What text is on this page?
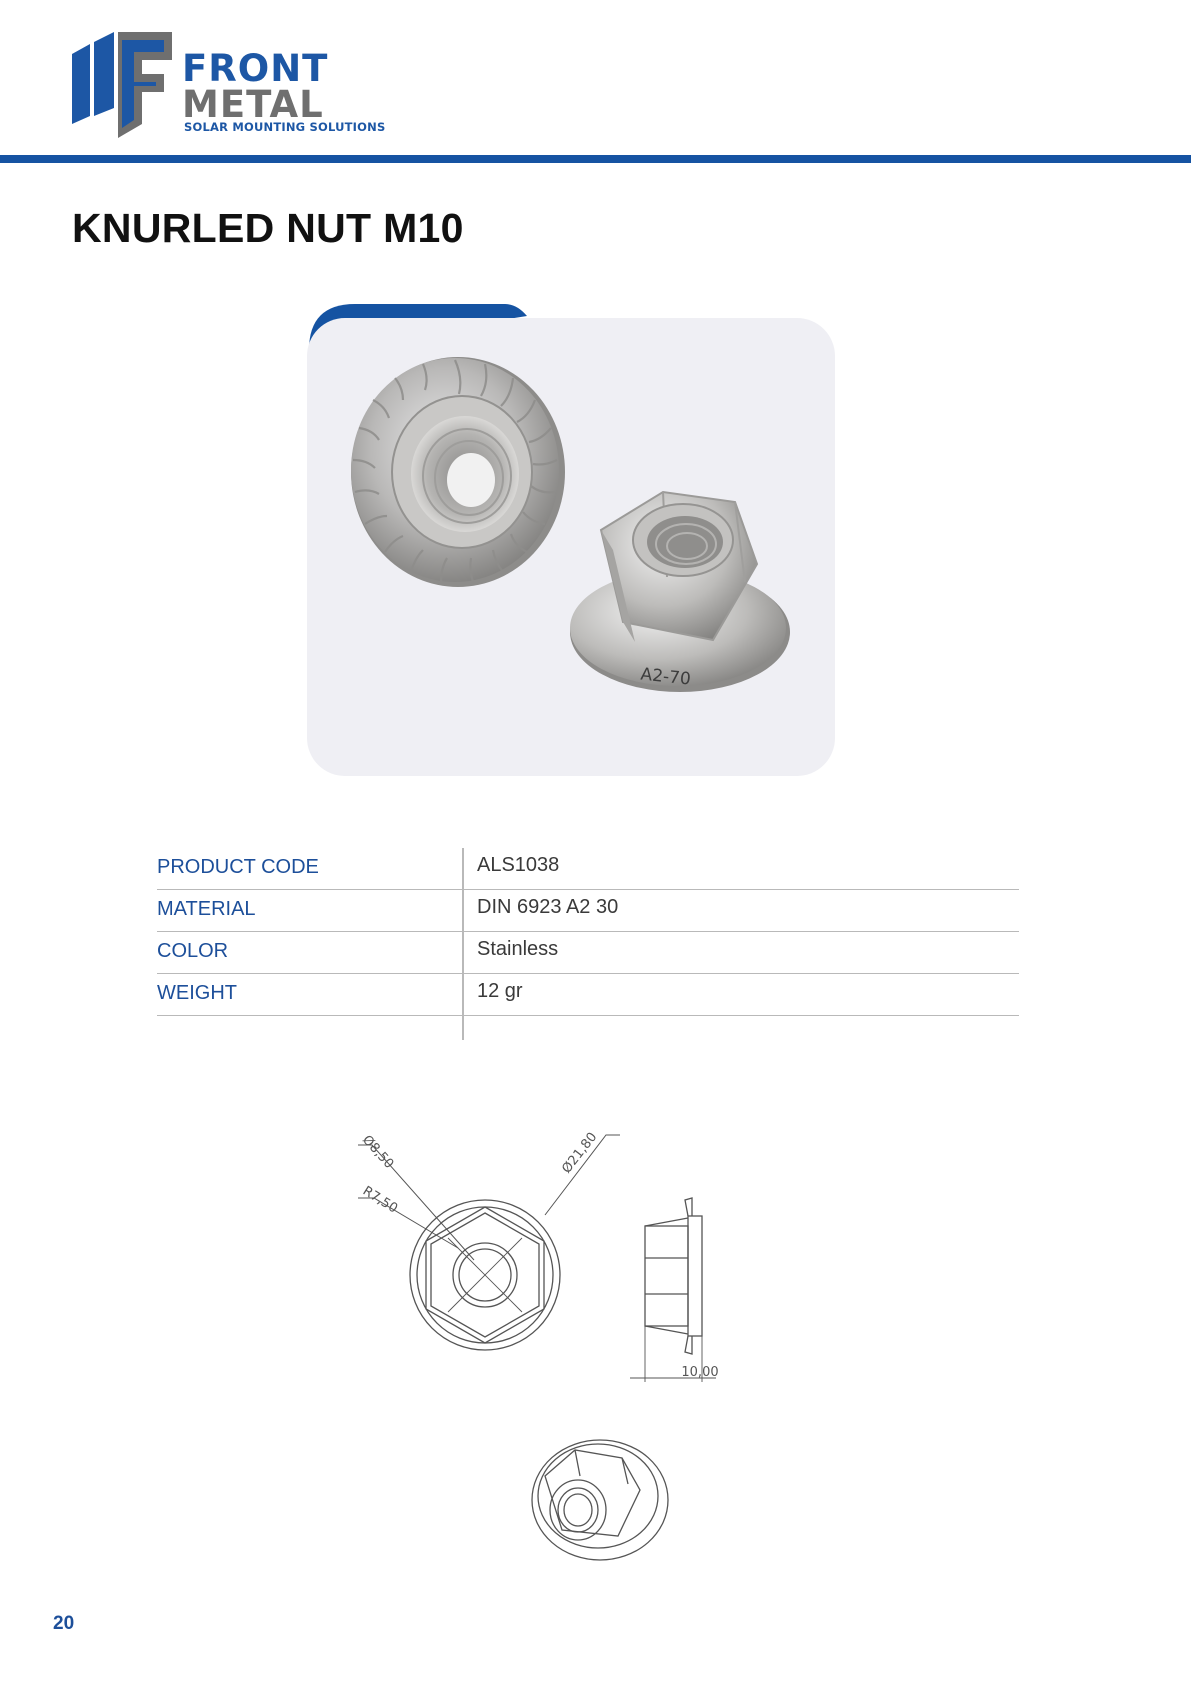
FRONT
METAL
SOLAR MOUNTING SOLUTIONS
KNURLED NUT M10
A2-70
PRODUCT CODE	ALS1038
MATERIAL	DIN 6923 A2 30
COLOR	Stainless
WEIGHT	12 gr
Ø8,50
R7,50
Ø21,80
10,00
20
